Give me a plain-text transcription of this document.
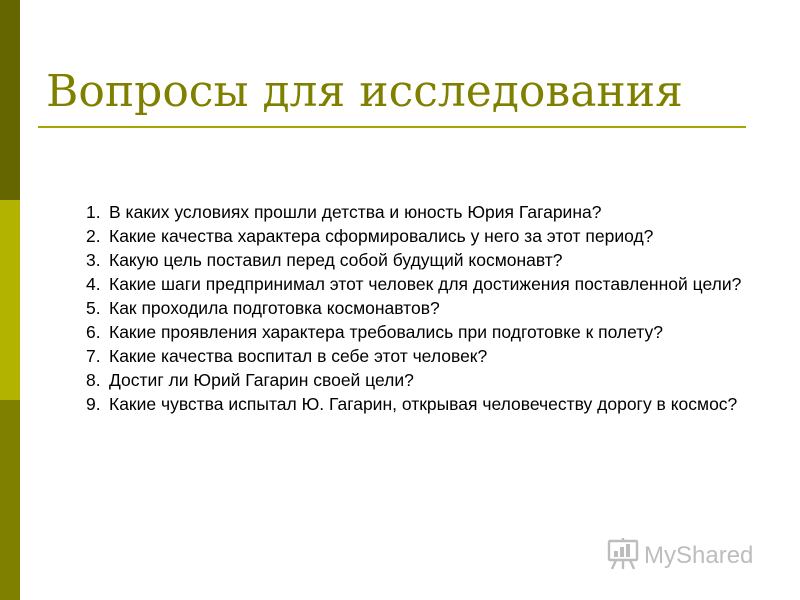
Вопросы для исследования
1. В каких условиях прошли детства и юность Юрия Гагарина?
2. Какие качества характера сформировались у него за этот период?
3. Какую цель поставил перед собой будущий космонавт?
4. Какие шаги предпринимал этот человек для достижения поставленной цели?
5. Как проходила подготовка космонавтов?
6. Какие проявления характера требовались при подготовке к полету?
7. Какие качества воспитал в себе этот человек?
8. Достиг ли Юрий Гагарин своей цели?
9. Какие чувства испытал Ю. Гагарин, открывая человечеству дорогу в космос?
MyShared
